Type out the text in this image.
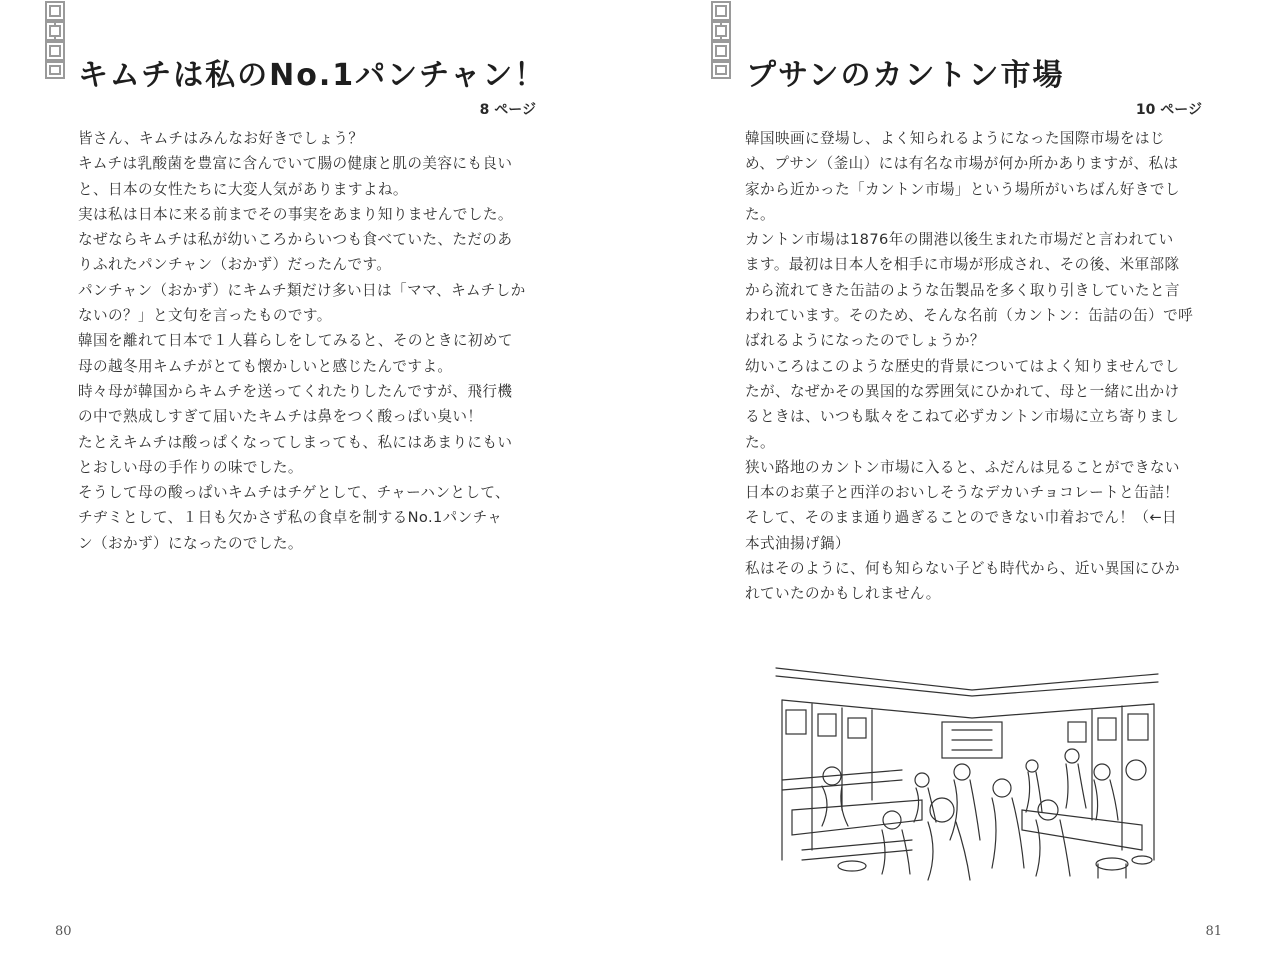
キムチは私のNo.1パンチャン！
8 ページ
皆さん、キムチはみんなお好きでしょう？
キムチは乳酸菌を豊富に含んでいて腸の健康と肌の美容にも良い
と、日本の女性たちに大変人気がありますよね。
実は私は日本に来る前までその事実をあまり知りませんでした。
なぜならキムチは私が幼いころからいつも食べていた、ただのあ
りふれたパンチャン（おかず）だったんです。
パンチャン（おかず）にキムチ類だけ多い日は「ママ、キムチしか
ないの？」と文句を言ったものです。
韓国を離れて日本で１人暮らしをしてみると、そのときに初めて
母の越冬用キムチがとても懐かしいと感じたんですよ。
時々母が韓国からキムチを送ってくれたりしたんですが、飛行機
の中で熟成しすぎて届いたキムチは鼻をつく酸っぱい臭い！
たとえキムチは酸っぱくなってしまっても、私にはあまりにもい
とおしい母の手作りの味でした。
そうして母の酸っぱいキムチはチゲとして、チャーハンとして、
チヂミとして、１日も欠かさず私の食卓を制するNo.1パンチャ
ン（おかず）になったのでした。
80
プサンのカントン市場
10 ページ
韓国映画に登場し、よく知られるようになった国際市場をはじ
め、プサン（釜山）には有名な市場が何か所かありますが、私は
家から近かった「カントン市場」という場所がいちばん好きでし
た。
カントン市場は1876年の開港以後生まれた市場だと言われてい
ます。最初は日本人を相手に市場が形成され、その後、米軍部隊
から流れてきた缶詰のような缶製品を多く取り引きしていたと言
われています。そのため、そんな名前（カントン：缶詰の缶）で呼
ばれるようになったのでしょうか？
幼いころはこのような歴史的背景についてはよく知りませんでし
たが、なぜかその異国的な雰囲気にひかれて、母と一緒に出かけ
るときは、いつも駄々をこねて必ずカントン市場に立ち寄りまし
た。
狭い路地のカントン市場に入ると、ふだんは見ることができない
日本のお菓子と西洋のおいしそうなデカいチョコレートと缶詰！
そして、そのまま通り過ぎることのできない巾着おでん！（←日
本式油揚げ鍋）
私はそのように、何も知らない子ども時代から、近い異国にひか
れていたのかもしれません。
81
